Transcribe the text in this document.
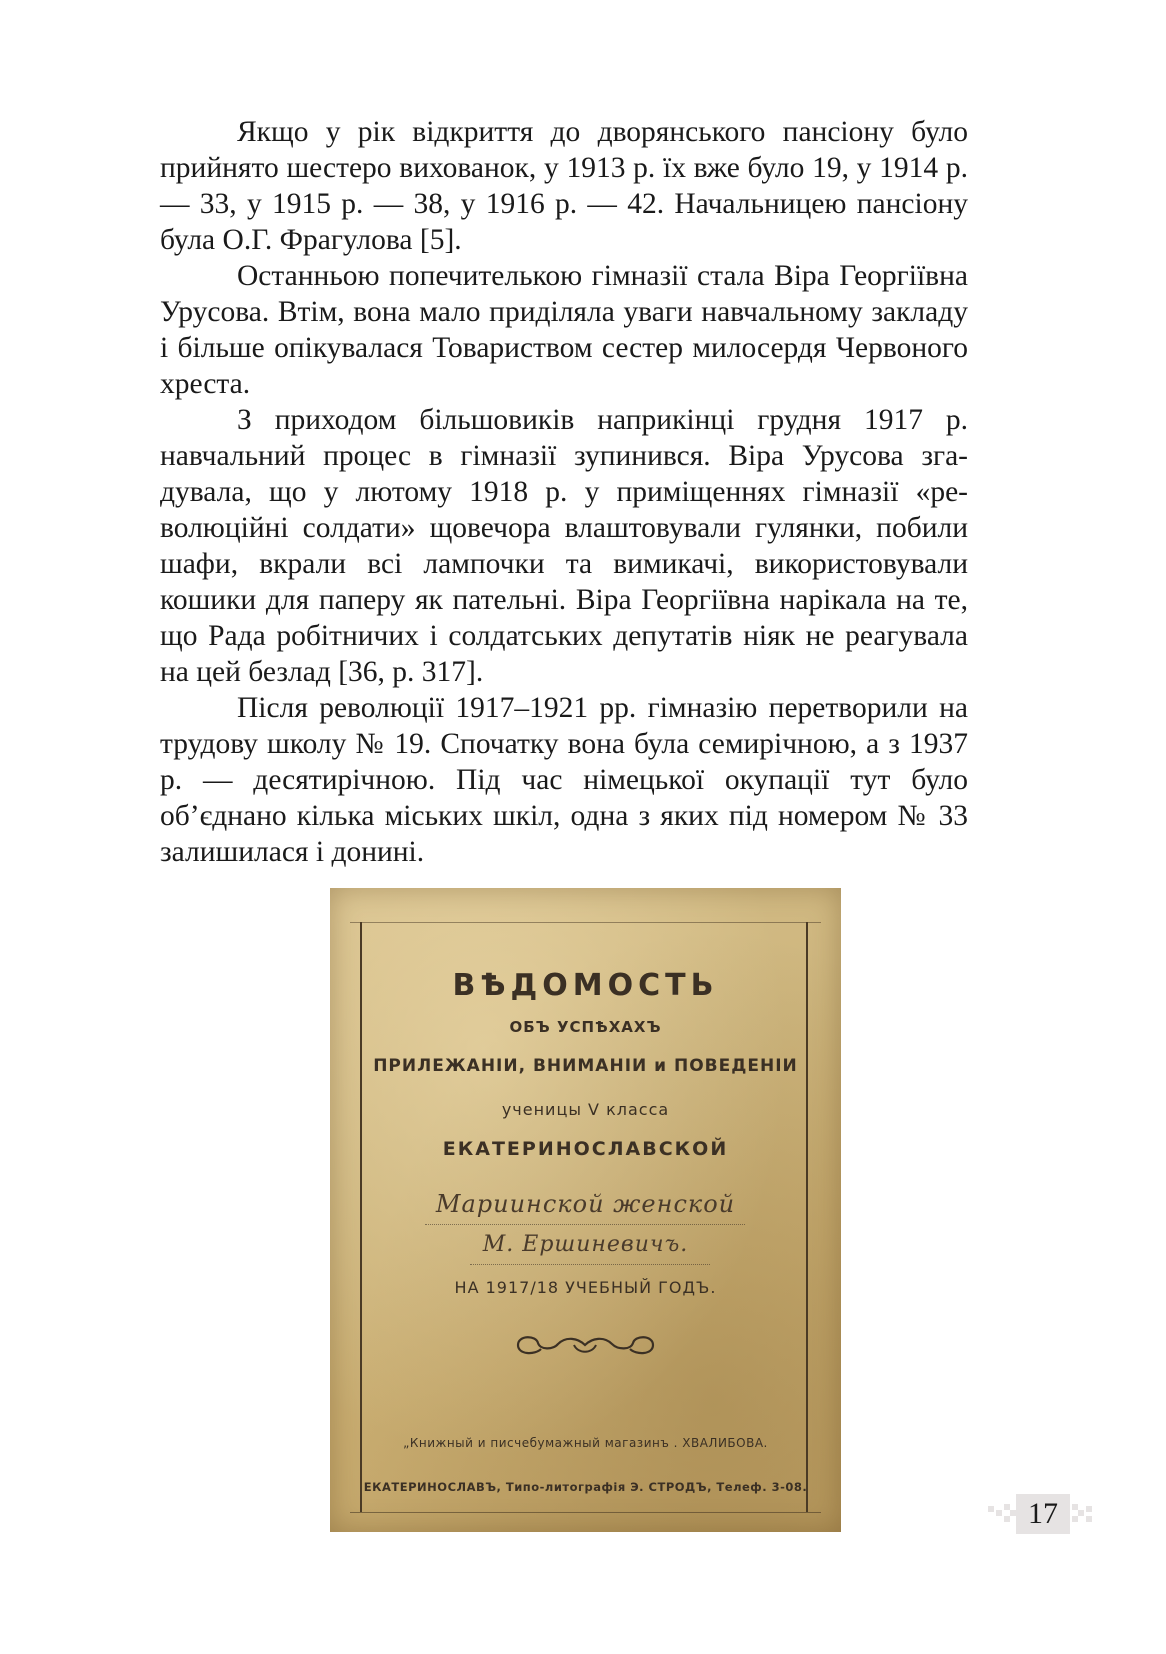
Якщо у рік відкриття до дворянського пансіону було прийнято шестеро вихованок, у 1913 р. їх вже було 19, у 1914 р. — 33, у 1915 р. — 38, у 1916 р. — 42. Начальницею пансіону була О.Г. Фрагулова [5].

Останньою попечителькою гімназії стала Віра Георгіївна Урусова. Втім, вона мало приділяла уваги навчальному закладу і більше опікувалася Товариством сестер милосердя Червоного хреста.

З приходом більшовиків наприкінці грудня 1917 р. навчальний процес в гімназії зупинився. Віра Урусова згадувала, що у лютому 1918 р. у приміщеннях гімназії «революційні солдати» щовечора влаштовували гулянки, побили шафи, вкрали всі лампочки та вимикачі, використовували кошики для паперу як пательні. Віра Георгіївна нарікала на те, що Рада робітничих і солдатських депутатів ніяк не реагувала на цей безлад [36, р. 317].

Після революції 1917–1921 рр. гімназію перетворили на трудову школу № 19. Спочатку вона була семирічною, а з 1937 р. — десятирічною. Під час німецької окупації тут було об’єднано кілька міських шкіл, одна з яких під номером № 33 залишилася і донині.

ВѢДОМОСТЬ
ОБЪ УСПѢХАХЪ
ПРИЛЕЖАНІИ, ВНИМАНІИ и ПОВЕДЕНІИ
ученицы V класса
ЕКАТЕРИНОСЛАВСКОЙ
Мариинской женской
М. Ершиневичъ.
НА 1917/18 УЧЕБНЫЙ ГОДЪ.
„Книжный и писчебумажный магазинъ . ХВАЛИБОВА.
ЕКАТЕРИНОСЛАВЪ, Типо-литографія Э. СТРОДЪ, Телеф. 3-08.
17
